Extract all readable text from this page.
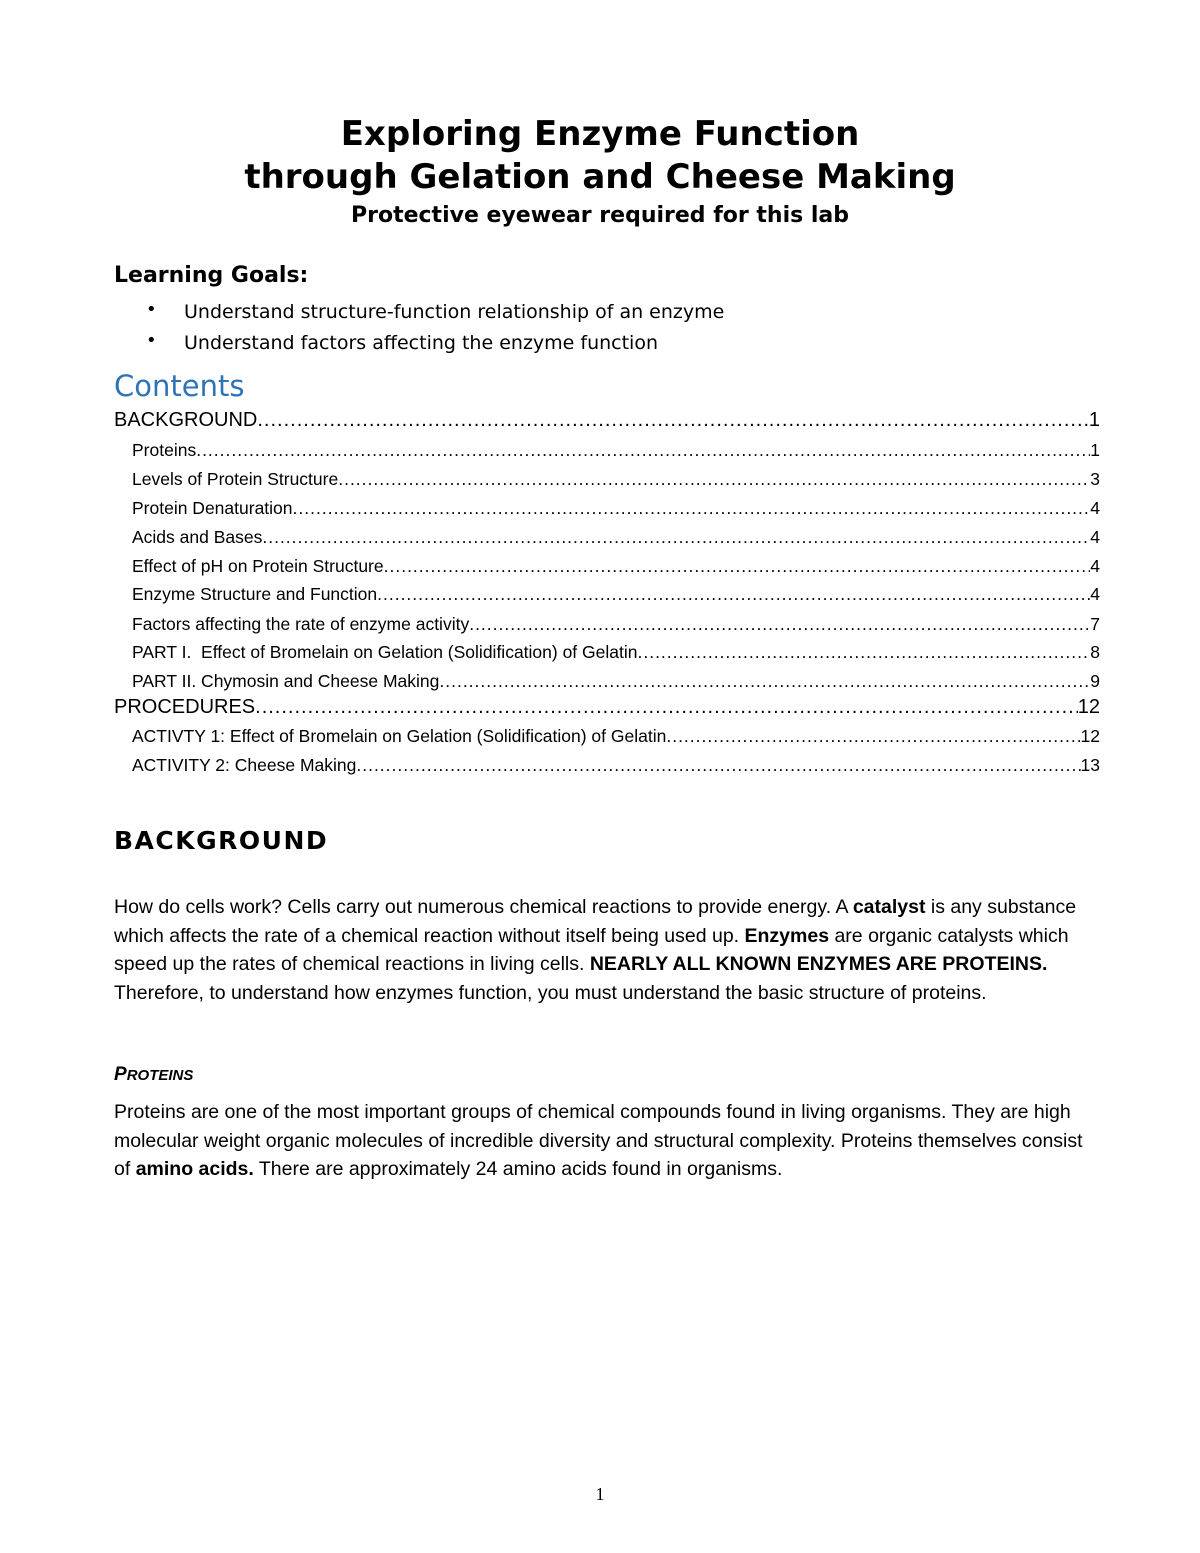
Exploring Enzyme Function
through Gelation and Cheese Making
Protective eyewear required for this lab
Learning Goals:
• Understand structure-function relationship of an enzyme
• Understand factors affecting the enzyme function
Contents
BACKGROUND .....	1
Proteins .....	1
Levels of Protein Structure .....	3
Protein Denaturation .....	4
Acids and Bases .....	4
Effect of pH on Protein Structure .....	4
Enzyme Structure and Function .....	4
Factors affecting the rate of enzyme activity .....	7
PART I.  Effect of Bromelain on Gelation (Solidification) of Gelatin .....	8
PART II. Chymosin and Cheese Making .....	9
PROCEDURES .....	12
ACTIVTY 1: Effect of Bromelain on Gelation (Solidification) of Gelatin .....	12
ACTIVITY 2: Cheese Making .....	13
BACKGROUND
How do cells work? Cells carry out numerous chemical reactions to provide energy. A catalyst is any substance which affects the rate of a chemical reaction without itself being used up. Enzymes are organic catalysts which speed up the rates of chemical reactions in living cells. NEARLY ALL KNOWN ENZYMES ARE PROTEINS. Therefore, to understand how enzymes function, you must understand the basic structure of proteins.
PROTEINS
Proteins are one of the most important groups of chemical compounds found in living organisms. They are high molecular weight organic molecules of incredible diversity and structural complexity. Proteins themselves consist of amino acids. There are approximately 24 amino acids found in organisms.
1
